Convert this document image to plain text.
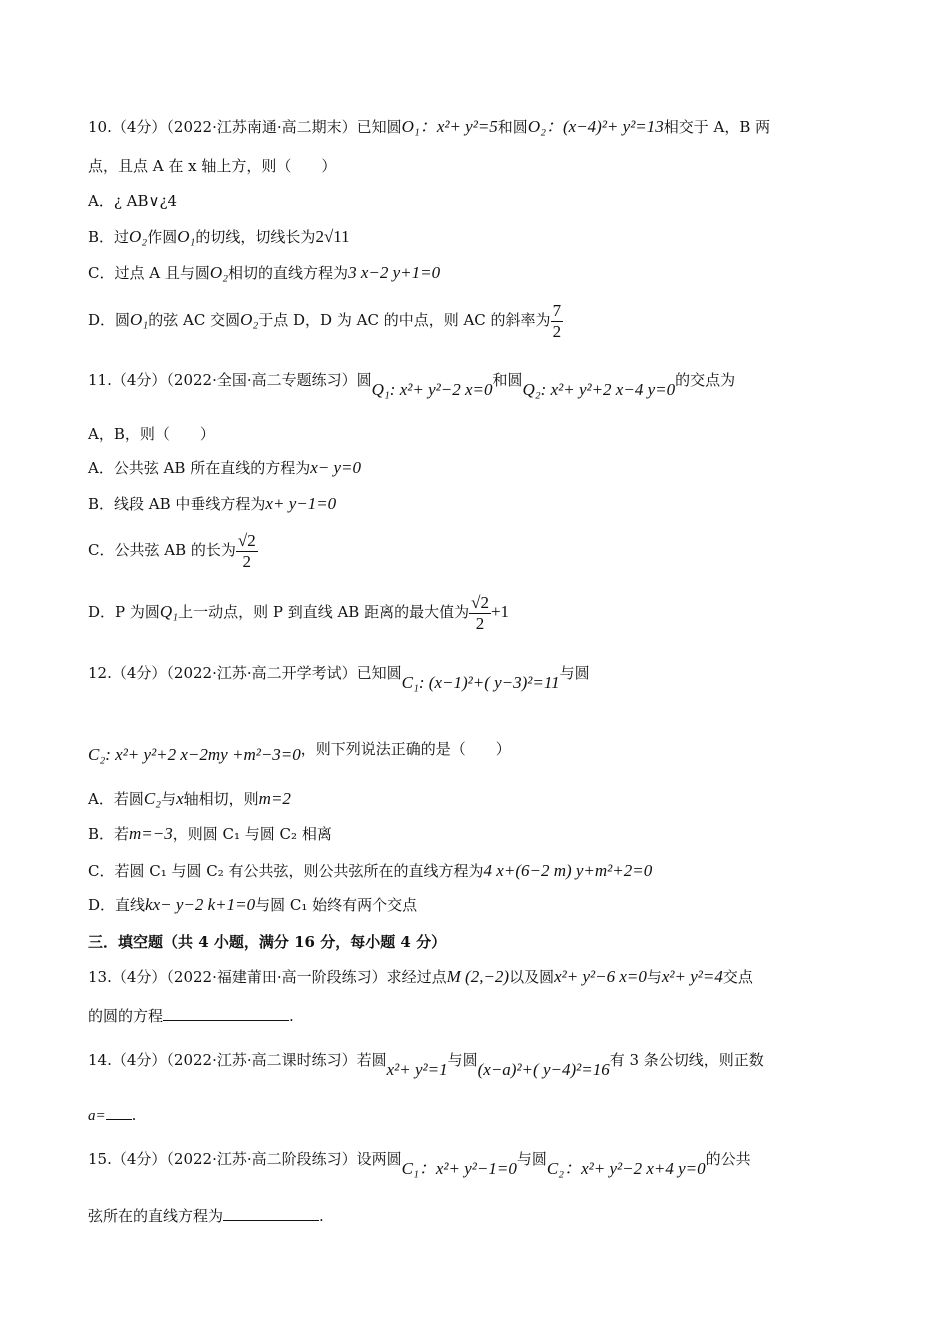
10.（4分）（2022·江苏南通·高二期末）已知圆O₁：x²+ y²=5和圆O₂：(x−4)²+ y²=13相交于 A，B 两
点，且点 A 在 x 轴上方，则（　　）
A．¿ AB∨¿4
B．过O₂作圆O₁的切线，切线长为2√11
C．过点 A 且与圆O₂相切的直线方程为3 x−2 y+1=0
D．圆O₁的弦 AC 交圆O₂于点 D，D 为 AC 的中点，则 AC 的斜率为 $\frac{7}{2}$
11.（4分）（2022·全国·高二专题练习）圆Q₁: x²+ y²−2 x=0和圆Q₂: x²+ y²+2 x−4 y=0的交点为
A，B，则（　　）
A．公共弦 AB 所在直线的方程为x− y=0
B．线段 AB 中垂线方程为x+ y−1=0
C．公共弦 AB 的长为 $\frac{√2}{2}$
D．P 为圆Q₁上一动点，则 P 到直线 AB 距离的最大值为 $\frac{√2}{2} +1$
12.（4分）（2022·江苏·高二开学考试）已知圆C₁: (x−1)²+( y−3)²=11与圆
C₂: x²+ y²+2 x−2my +m²−3=0，则下列说法正确的是（　　）
A．若圆C₂与x轴相切，则m=2
B．若m=−3，则圆 C₁ 与圆 C₂ 相离
C．若圆 C₁ 与圆 C₂ 有公共弦，则公共弦所在的直线方程为4 x+(6−2 m) y+m²+2=0
D．直线kx− y−2 k+1=0与圆 C₁ 始终有两个交点
三．填空题（共 4 小题，满分 16 分，每小题 4 分）
13.（4分）（2022·福建莆田·高一阶段练习）求经过点M (2,−2)以及圆x²+ y²−6 x=0与x²+ y²=4交点
的圆的方程	.
14.（4分）（2022·江苏·高二课时练习）若圆x²+ y²=1与圆(x−a)²+( y−4)²=16有 3 条公切线，则正数
a= .
15.（4分）（2022·江苏·高二阶段练习）设两圆C₁：x²+ y²−1=0与圆C₂：x²+ y²−2 x+4 y=0的公共
弦所在的直线方程为	.
